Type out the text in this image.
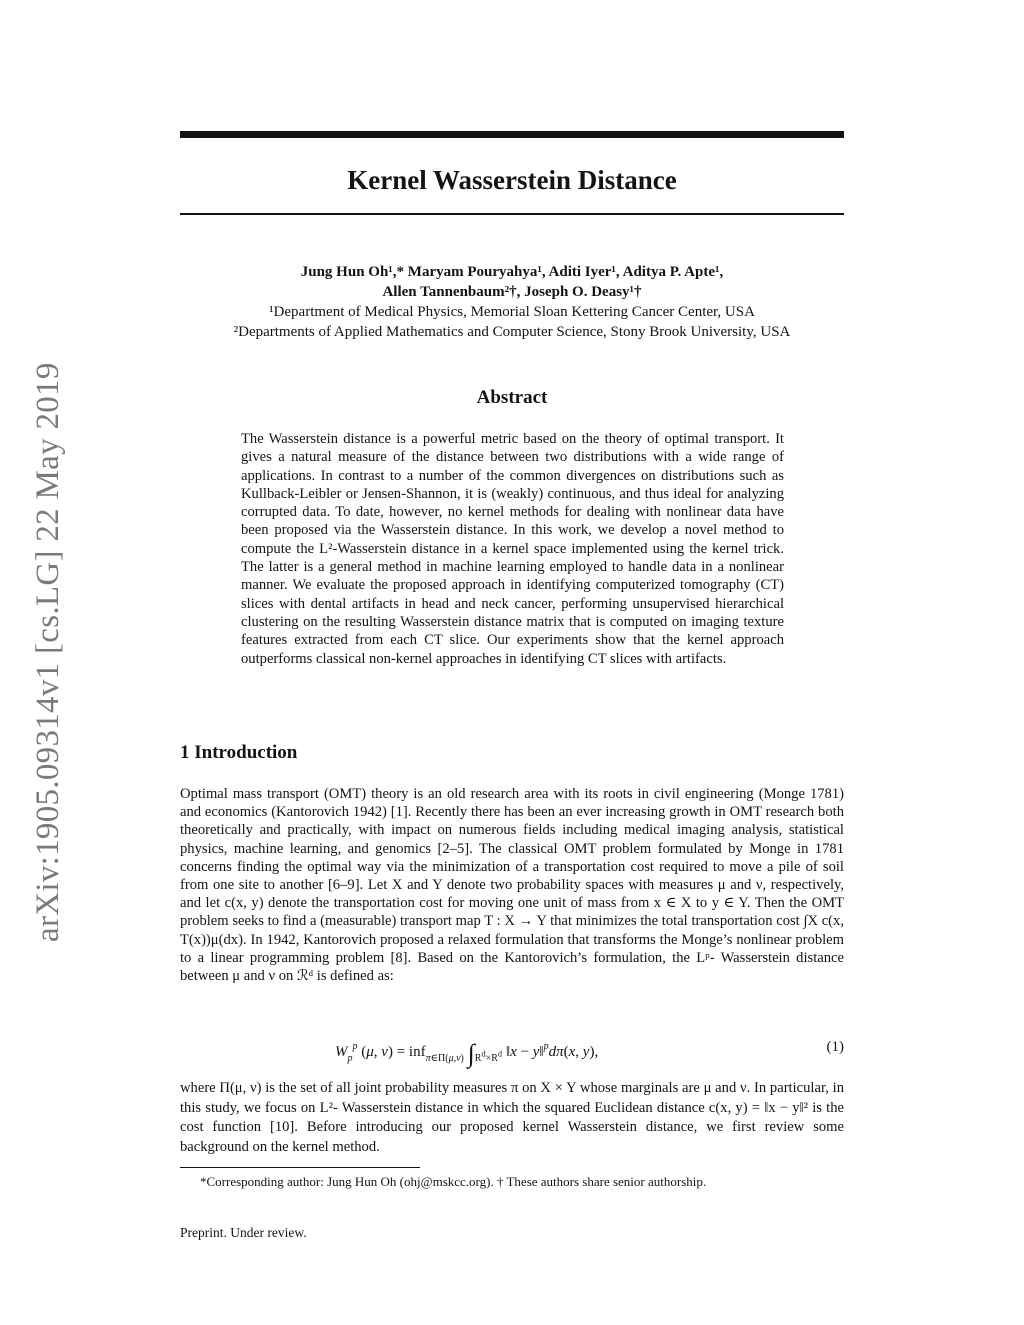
arXiv:1905.09314v1 [cs.LG] 22 May 2019
Kernel Wasserstein Distance
Jung Hun Oh¹,* Maryam Pouryahya¹, Aditi Iyer¹, Aditya P. Apte¹,
Allen Tannenbaum²†, Joseph O. Deasy¹†
¹Department of Medical Physics, Memorial Sloan Kettering Cancer Center, USA
²Departments of Applied Mathematics and Computer Science, Stony Brook University, USA
Abstract
The Wasserstein distance is a powerful metric based on the theory of optimal transport. It gives a natural measure of the distance between two distributions with a wide range of applications. In contrast to a number of the common divergences on distributions such as Kullback-Leibler or Jensen-Shannon, it is (weakly) continuous, and thus ideal for analyzing corrupted data. To date, however, no kernel methods for dealing with nonlinear data have been proposed via the Wasserstein distance. In this work, we develop a novel method to compute the L²-Wasserstein distance in a kernel space implemented using the kernel trick. The latter is a general method in machine learning employed to handle data in a nonlinear manner. We evaluate the proposed approach in identifying computerized tomography (CT) slices with dental artifacts in head and neck cancer, performing unsupervised hierarchical clustering on the resulting Wasserstein distance matrix that is computed on imaging texture features extracted from each CT slice. Our experiments show that the kernel approach outperforms classical non-kernel approaches in identifying CT slices with artifacts.
1 Introduction
Optimal mass transport (OMT) theory is an old research area with its roots in civil engineering (Monge 1781) and economics (Kantorovich 1942) [1]. Recently there has been an ever increasing growth in OMT research both theoretically and practically, with impact on numerous fields including medical imaging analysis, statistical physics, machine learning, and genomics [2–5]. The classical OMT problem formulated by Monge in 1781 concerns finding the optimal way via the minimization of a transportation cost required to move a pile of soil from one site to another [6–9]. Let X and Y denote two probability spaces with measures μ and ν, respectively, and let c(x, y) denote the transportation cost for moving one unit of mass from x ∈ X to y ∈ Y. Then the OMT problem seeks to find a (measurable) transport map T : X → Y that minimizes the total transportation cost ∫X c(x, T(x))μ(dx). In 1942, Kantorovich proposed a relaxed formulation that transforms the Monge’s nonlinear problem to a linear programming problem [8]. Based on the Kantorovich’s formulation, the Lᵖ- Wasserstein distance between μ and ν on ℛᵈ is defined as:
$W_p^p$ (μ, ν) = inf$_{\pi\in\Pi(\mu,\nu)}$ $\int_{R^d\times R^d}$ ‖x − y‖$^p$dπ(x, y),	(1)
where Π(μ, ν) is the set of all joint probability measures π on X × Y whose marginals are μ and ν. In particular, in this study, we focus on L²- Wasserstein distance in which the squared Euclidean distance c(x, y) = ‖x − y‖² is the cost function [10]. Before introducing our proposed kernel Wasserstein distance, we first review some background on the kernel method.
*Corresponding author: Jung Hun Oh (ohj@mskcc.org). † These authors share senior authorship.
Preprint. Under review.
